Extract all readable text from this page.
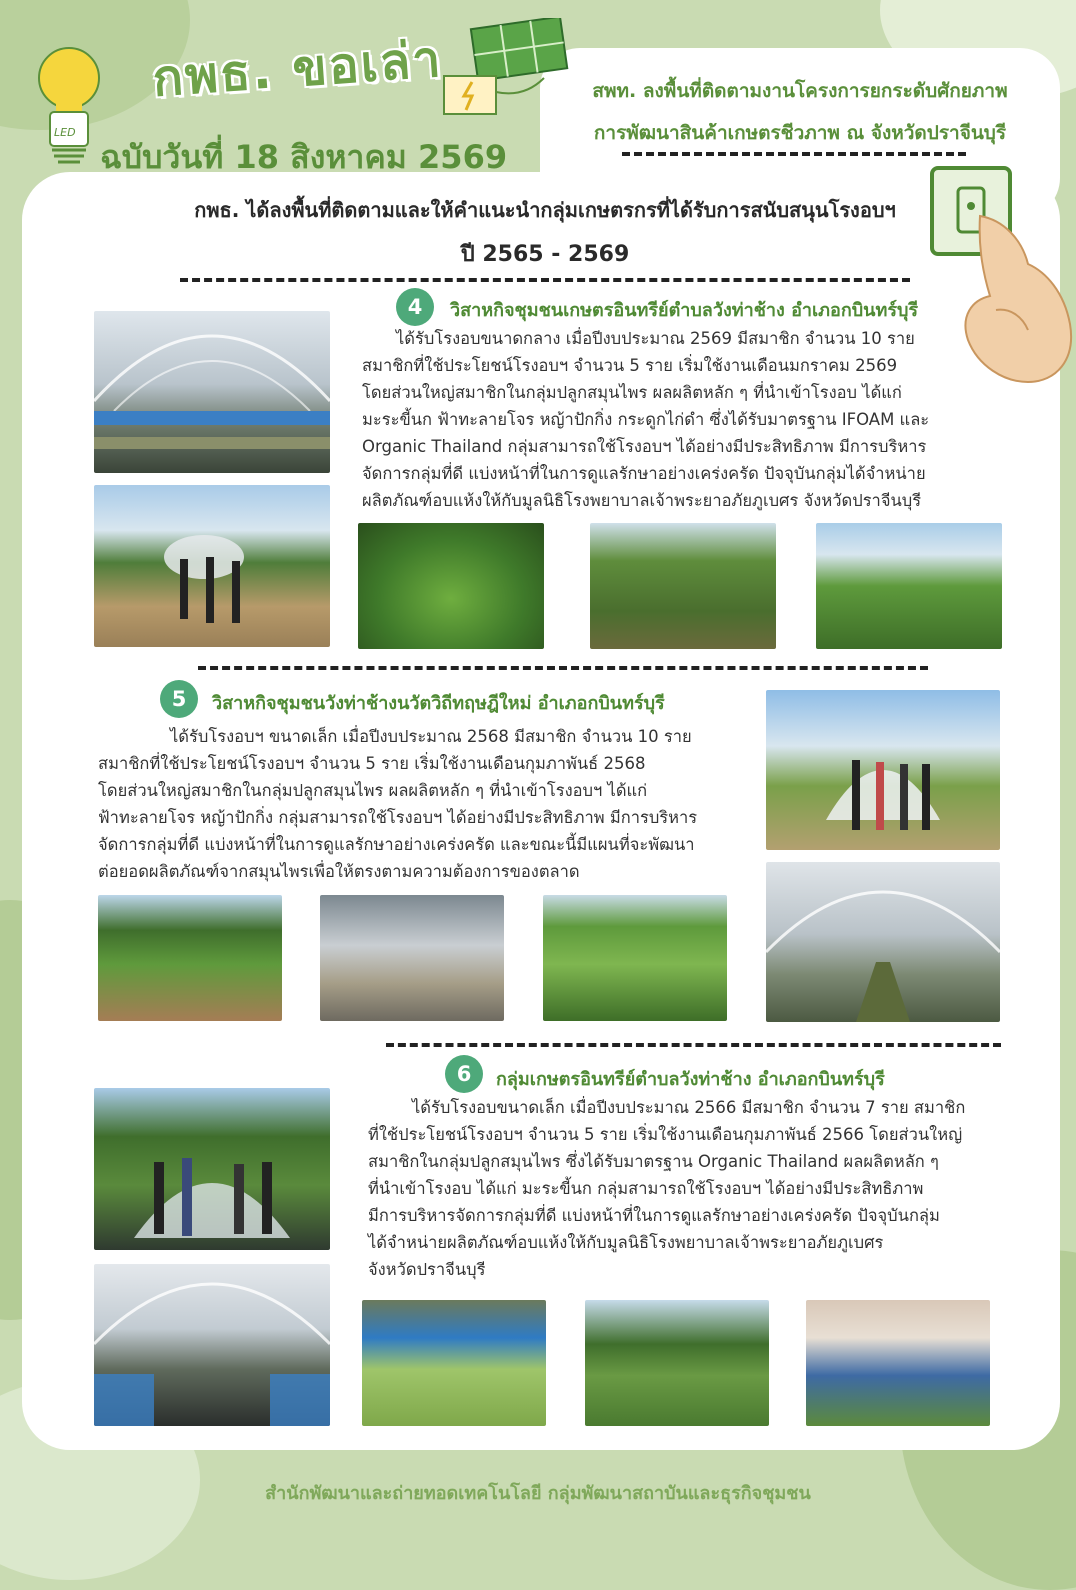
LED
กพธ. ขอเล่า
ฉบับวันที่ 18 สิงหาคม 2569
สพท. ลงพื้นที่ติดตามงานโครงการยกระดับศักยภาพ
การพัฒนาสินค้าเกษตรชีวภาพ ณ จังหวัดปราจีนบุรี
กพธ. ได้ลงพื้นที่ติดตามและให้คำแนะนำกลุ่มเกษตรกรที่ได้รับการสนับสนุนโรงอบฯ
ปี 2565 - 2569
4	วิสาหกิจชุมชนเกษตรอินทรีย์ตำบลวังท่าช้าง อำเภอกบินทร์บุรี
ได้รับโรงอบขนาดกลาง เมื่อปีงบประมาณ 2569 มีสมาชิก จำนวน 10 ราย
สมาชิกที่ใช้ประโยชน์โรงอบฯ จำนวน 5 ราย เริ่มใช้งานเดือนมกราคม 2569
โดยส่วนใหญ่สมาชิกในกลุ่มปลูกสมุนไพร ผลผลิตหลัก ๆ ที่นำเข้าโรงอบ ได้แก่
มะระขี้นก ฟ้าทะลายโจร หญ้าปักกิ่ง กระดูกไก่ดำ ซึ่งได้รับมาตรฐาน IFOAM และ
Organic Thailand กลุ่มสามารถใช้โรงอบฯ ได้อย่างมีประสิทธิภาพ มีการบริหาร
จัดการกลุ่มที่ดี แบ่งหน้าที่ในการดูแลรักษาอย่างเคร่งครัด ปัจจุบันกลุ่มได้จำหน่าย
ผลิตภัณฑ์อบแห้งให้กับมูลนิธิโรงพยาบาลเจ้าพระยาอภัยภูเบศร จังหวัดปราจีนบุรี
5	วิสาหกิจชุมชนวังท่าช้างนวัตวิถีทฤษฎีใหม่ อำเภอกบินทร์บุรี
ได้รับโรงอบฯ ขนาดเล็ก เมื่อปีงบประมาณ 2568 มีสมาชิก จำนวน 10 ราย
สมาชิกที่ใช้ประโยชน์โรงอบฯ จำนวน 5 ราย เริ่มใช้งานเดือนกุมภาพันธ์ 2568
โดยส่วนใหญ่สมาชิกในกลุ่มปลูกสมุนไพร ผลผลิตหลัก ๆ ที่นำเข้าโรงอบฯ ได้แก่
ฟ้าทะลายโจร หญ้าปักกิ่ง กลุ่มสามารถใช้โรงอบฯ ได้อย่างมีประสิทธิภาพ มีการบริหาร
จัดการกลุ่มที่ดี แบ่งหน้าที่ในการดูแลรักษาอย่างเคร่งครัด และขณะนี้มีแผนที่จะพัฒนา
ต่อยอดผลิตภัณฑ์จากสมุนไพรเพื่อให้ตรงตามความต้องการของตลาด
6	กลุ่มเกษตรอินทรีย์ตำบลวังท่าช้าง อำเภอกบินทร์บุรี
ได้รับโรงอบขนาดเล็ก เมื่อปีงบประมาณ 2566 มีสมาชิก จำนวน 7 ราย สมาชิก
ที่ใช้ประโยชน์โรงอบฯ จำนวน 5 ราย เริ่มใช้งานเดือนกุมภาพันธ์ 2566 โดยส่วนใหญ่
สมาชิกในกลุ่มปลูกสมุนไพร ซึ่งได้รับมาตรฐาน Organic Thailand ผลผลิตหลัก ๆ
ที่นำเข้าโรงอบ ได้แก่ มะระขี้นก กลุ่มสามารถใช้โรงอบฯ ได้อย่างมีประสิทธิภาพ
มีการบริหารจัดการกลุ่มที่ดี แบ่งหน้าที่ในการดูแลรักษาอย่างเคร่งครัด ปัจจุบันกลุ่ม
ได้จำหน่ายผลิตภัณฑ์อบแห้งให้กับมูลนิธิโรงพยาบาลเจ้าพระยาอภัยภูเบศร
จังหวัดปราจีนบุรี
สำนักพัฒนาและถ่ายทอดเทคโนโลยี กลุ่มพัฒนาสถาบันและธุรกิจชุมชน
